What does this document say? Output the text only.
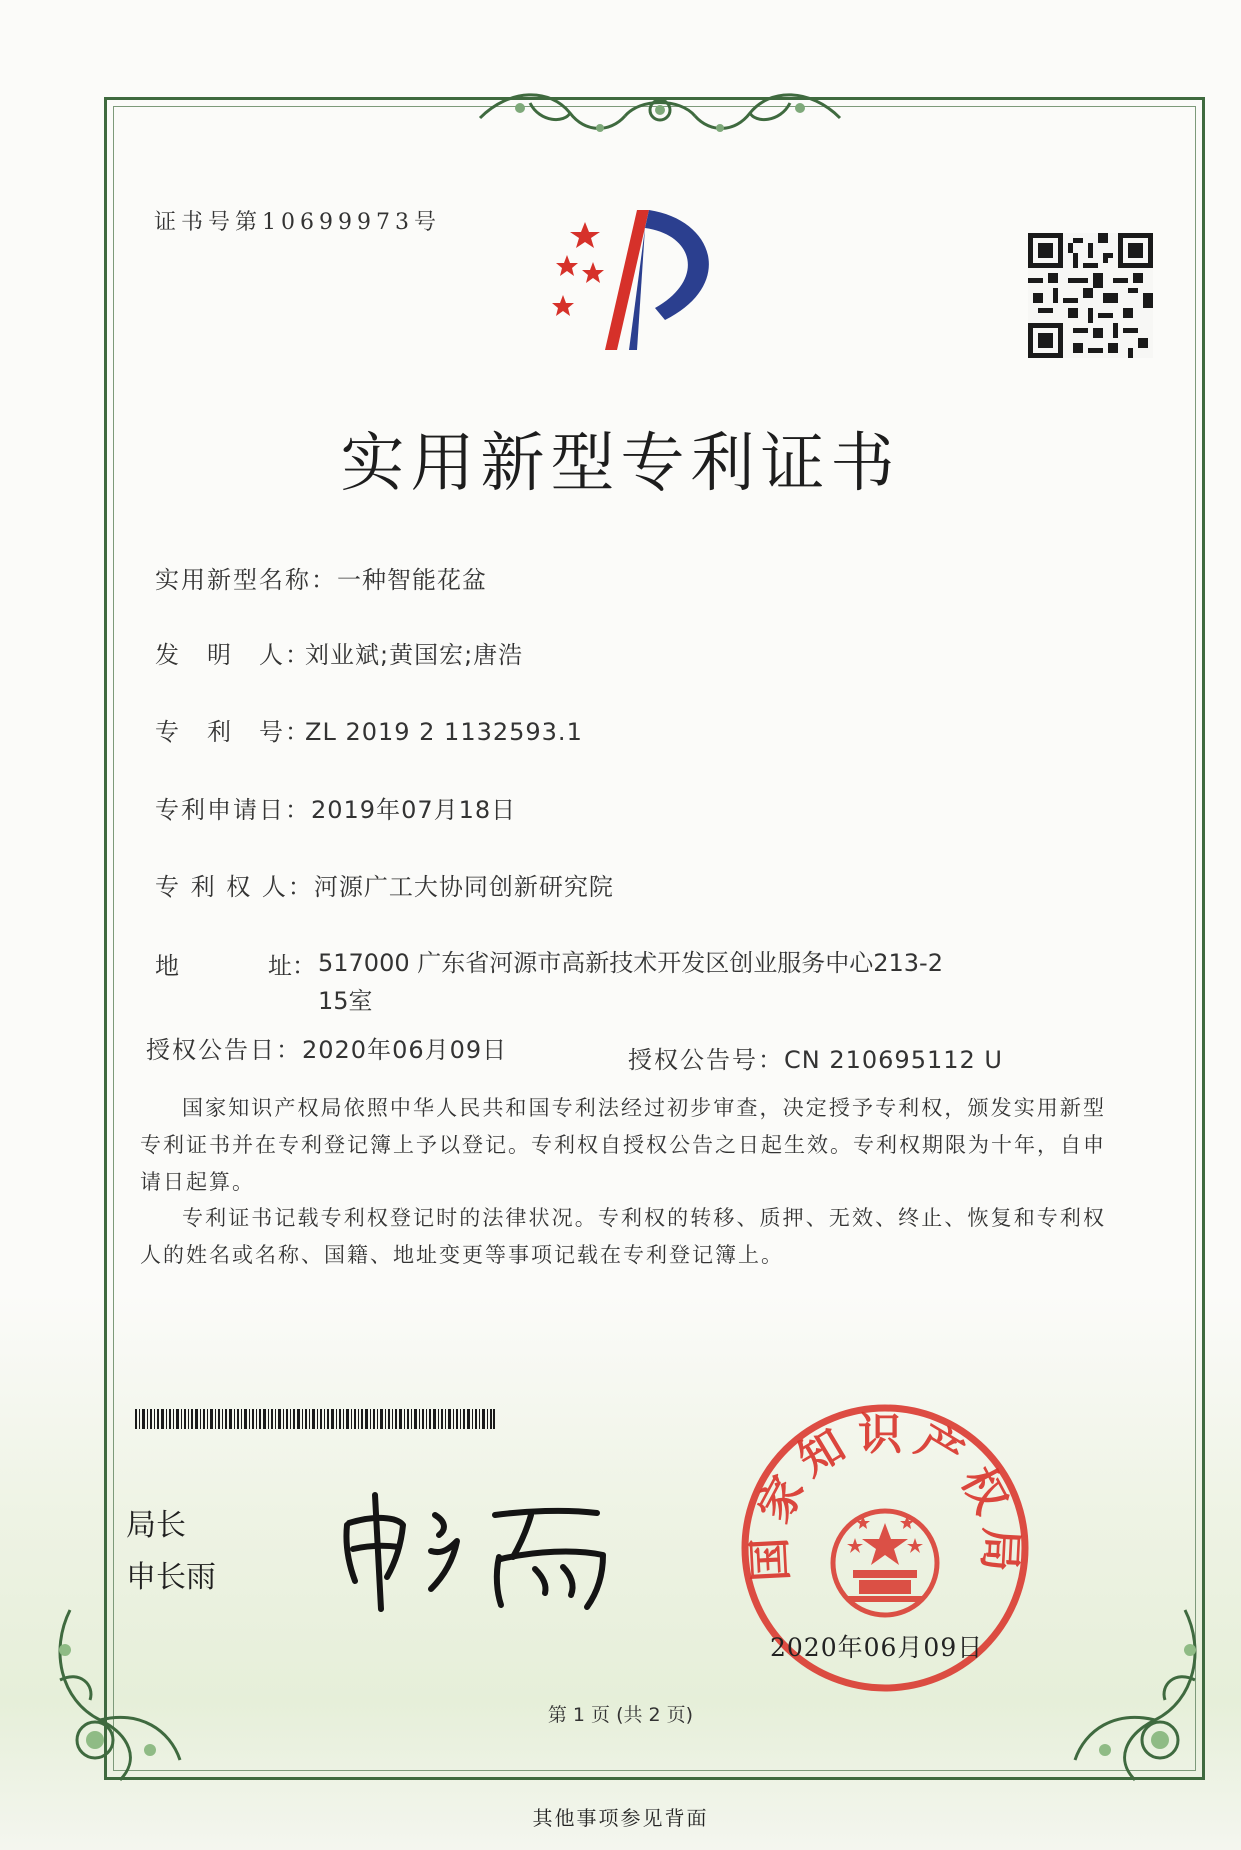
证书号第10699973号
实用新型专利证书
实用新型名称：一种智能花盆
发　明　人：刘业斌;黄国宏;唐浩
专　利　号：ZL 2019 2 1132593.1
专利申请日：2019年07月18日
专 利 权 人：河源广工大协同创新研究院
地	址： 517000 广东省河源市高新技术开发区创业服务中心213-2
15室
授权公告日：2020年06月09日	授权公告号：CN 210695112 U
国家知识产权局依照中华人民共和国专利法经过初步审查，决定授予专利权，颁发实用新型专利证书并在专利登记簿上予以登记。专利权自授权公告之日起生效。专利权期限为十年，自申请日起算。
专利证书记载专利权登记时的法律状况。专利权的转移、质押、无效、终止、恢复和专利权人的姓名或名称、国籍、地址变更等事项记载在专利登记簿上。
局长
申长雨	国家知识产权局
2020年06月09日
第 1 页 (共 2 页)
其他事项参见背面
